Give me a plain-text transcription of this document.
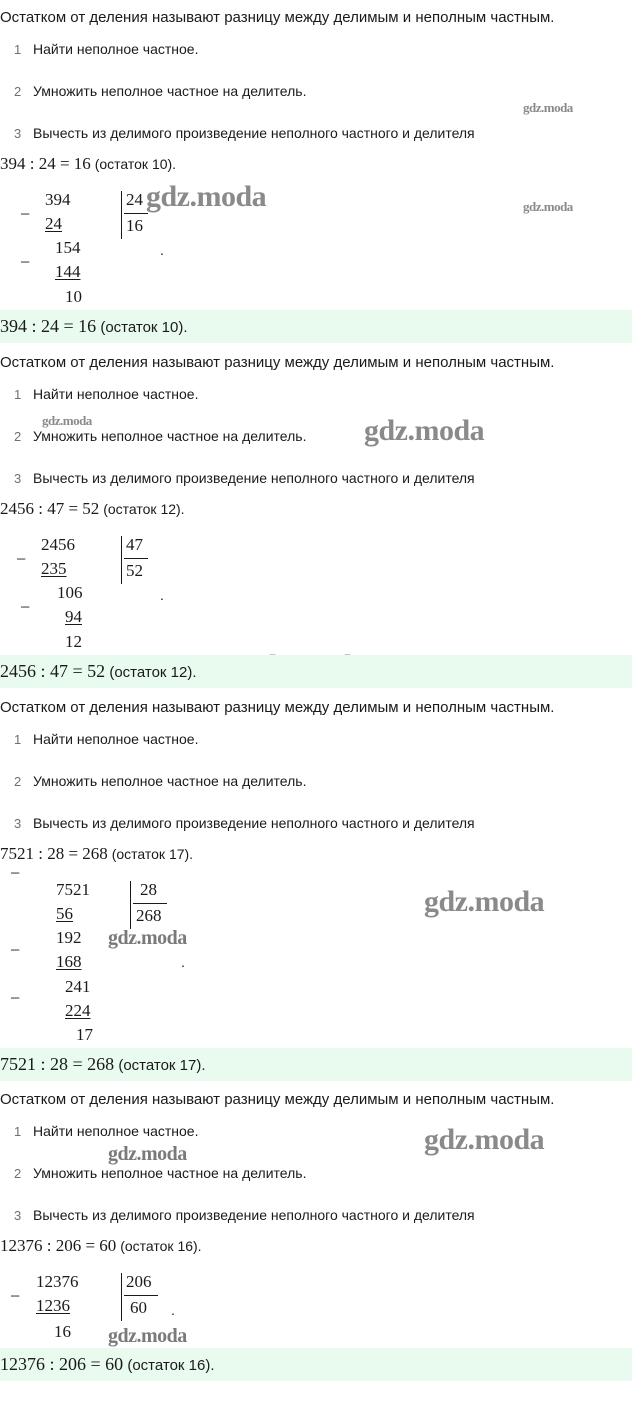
Остатком от деления называют разницу между делимым и неполным частным.
1 Найти неполное частное.
2 Умножить неполное частное на делитель.
3 Вычесть из делимого произведение неполного частного и делителя
394 : 24 = 16 (остаток 10).
−
394
24
24
16
−
154
144
10
.
gdz.moda
gdz.moda
gdz.moda
394 : 24 = 16 (остаток 10).
Остатком от деления называют разницу между делимым и неполным частным.
1 Найти неполное частное.
2 Умножить неполное частное на делитель.
3 Вычесть из делимого произведение неполного частного и делителя
2456 : 47 = 52 (остаток 12).
−
2456
235
47
52
−
106
94
12
.
gdz.moda	gdz.moda
2456 : 47 = 52 (остаток 12).
Остатком от деления называют разницу между делимым и неполным частным.
1 Найти неполное частное.
2 Умножить неполное частное на делитель.
3 Вычесть из делимого произведение неполного частного и делителя
7521 : 28 = 268 (остаток 17).
−
7521
56
28
268
−
192
168
−
241
224
17
.
gdz.moda
gdz.moda
7521 : 28 = 268 (остаток 17).
Остатком от деления называют разницу между делимым и неполным частным.
1 Найти неполное частное.
2 Умножить неполное частное на делитель.
3 Вычесть из делимого произведение неполного частного и делителя
12376 : 206 = 60 (остаток 16).
−
12376
1236
206
60
16
.
gdz.moda
gdz.moda
gdz.moda
12376 : 206 = 60 (остаток 16).
